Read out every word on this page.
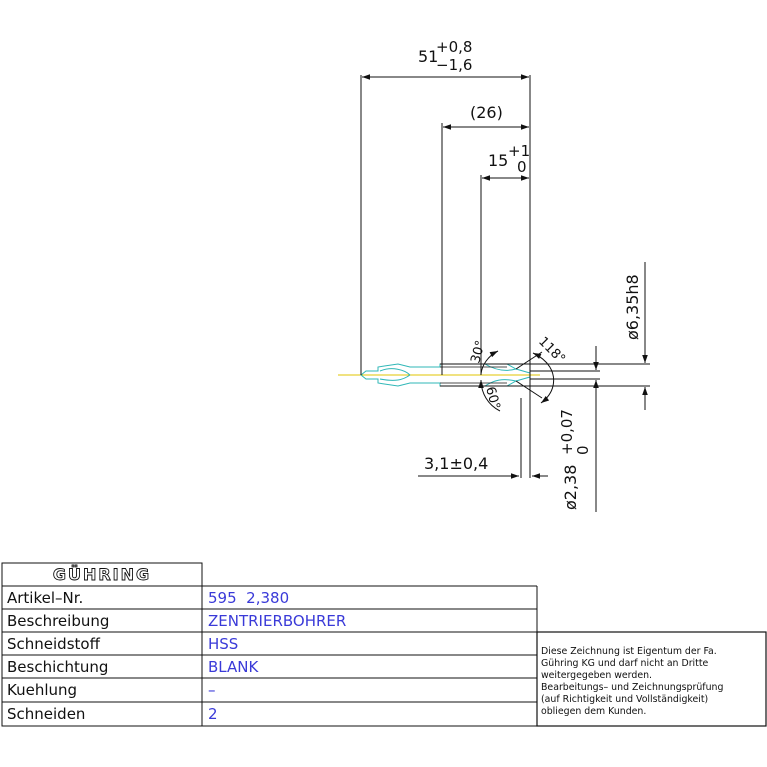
51
+0,8
−1,6
(26)
15 +1
0
3,1±0,4
ø6,35h8
ø2,38
+0,07
0
30°	118°
60°
GÜHRING
Artikel–Nr.	595  2,380
Beschreibung	ZENTRIERBOHRER
Schneidstoff	HSS
Beschichtung	BLANK
Kuehlung	–
Schneiden	2
Diese Zeichnung ist Eigentum der Fa.
Gühring KG und darf nicht an Dritte
weitergegeben werden.
Bearbeitungs– und Zeichnungsprüfung
(auf Richtigkeit und Vollständigkeit)
obliegen dem Kunden.
